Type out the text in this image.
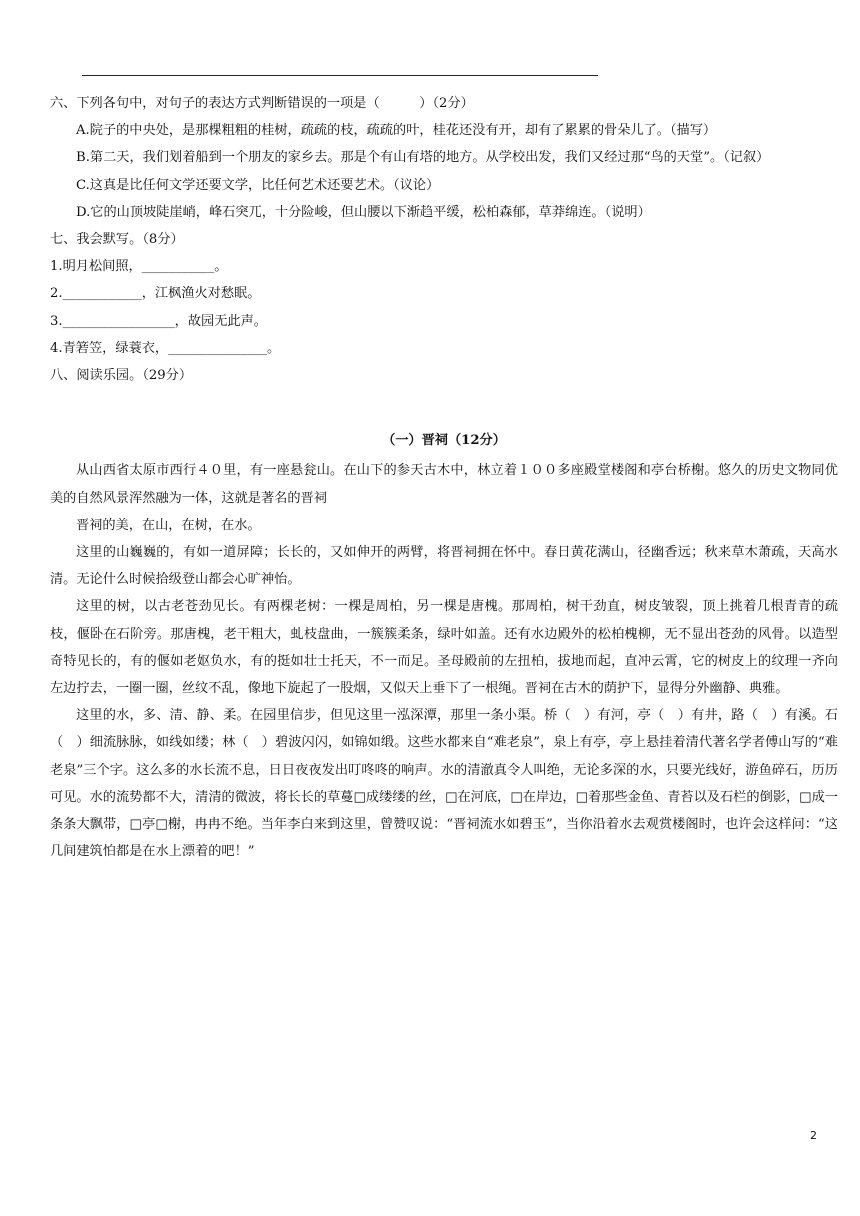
六、下列各句中，对句子的表达方式判断错误的一项是（　　　）（2分）

A.院子的中央处，是那棵粗粗的桂树，疏疏的枝，疏疏的叶，桂花还没有开，却有了累累的骨朵儿了。（描写）

B.第二天，我们划着船到一个朋友的家乡去。那是个有山有塔的地方。从学校出发，我们又经过那“鸟的天堂”。（记叙）

C.这真是比任何文学还要文学，比任何艺术还要艺术。（议论）

D.它的山顶坡陡崖峭，峰石突兀，十分险峻，但山腰以下渐趋平缓，松柏森郁，草莽绵连。（说明）

七、我会默写。（8分）

1.明月松间照，___________。

2.____________，江枫渔火对愁眠。

3._________________，故园无此声。

4.青箬笠，绿蓑衣，_______________。

八、阅读乐园。（29分）

（一）晋祠（12分）

从山西省太原市西行４０里，有一座悬瓮山。在山下的参天古木中，林立着１００多座殿堂楼阁和亭台桥榭。悠久的历史文物同优美的自然风景浑然融为一体，这就是著名的晋祠

晋祠的美，在山，在树，在水。

这里的山巍巍的，有如一道屏障；长长的，又如伸开的两臂，将晋祠拥在怀中。春日黄花满山，径幽香远；秋来草木萧疏，天高水清。无论什么时候拾级登山都会心旷神怡。

这里的树，以古老苍劲见长。有两棵老树：一棵是周柏，另一棵是唐槐。那周柏，树干劲直，树皮皱裂，顶上挑着几根青青的疏枝，偃卧在石阶旁。那唐槐，老干粗大，虬枝盘曲，一簇簇柔条，绿叶如盖。还有水边殿外的松柏槐柳，无不显出苍劲的风骨。以造型奇特见长的，有的偃如老妪负水，有的挺如壮士托天，不一而足。圣母殿前的左扭柏，拔地而起，直冲云霄，它的树皮上的纹理一齐向左边拧去，一圈一圈，丝纹不乱，像地下旋起了一股烟，又似天上垂下了一根绳。晋祠在古木的荫护下，显得分外幽静、典雅。

这里的水，多、清、静、柔。在园里信步，但见这里一泓深潭，那里一条小渠。桥（　）有河，亭（　）有井，路（　）有溪。石（　）细流脉脉，如线如缕；林（　）碧波闪闪，如锦如缎。这些水都来自“难老泉”，泉上有亭，亭上悬挂着清代著名学者傅山写的“难老泉”三个字。这么多的水长流不息，日日夜夜发出叮咚咚的响声。水的清澈真令人叫绝，无论多深的水，只要光线好，游鱼碎石，历历可见。水的流势都不大，清清的微波，将长长的草蔓□成缕缕的丝，□在河底，□在岸边，□着那些金鱼、青苔以及石栏的倒影，□成一条条大飘带，□亭□榭，冉冉不绝。当年李白来到这里，曾赞叹说：“晋祠流水如碧玉”，当你沿着水去观赏楼阁时，也许会这样问：“这几间建筑怕都是在水上漂着的吧！”

2
